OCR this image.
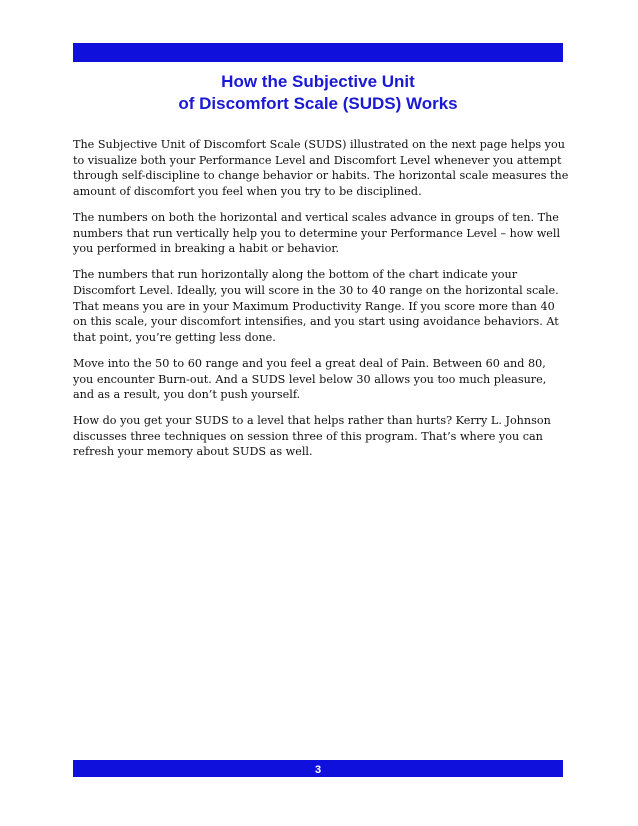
How the Subjective Unit
of Discomfort Scale (SUDS) Works

The Subjective Unit of Discomfort Scale (SUDS) illustrated on the next page helps you to visualize both your Performance Level and Discomfort Level whenever you attempt through self-discipline to change behavior or habits. The horizontal scale measures the amount of discomfort you feel when you try to be disciplined.

The numbers on both the horizontal and vertical scales advance in groups of ten. The numbers that run vertically help you to determine your Performance Level – how well you performed in breaking a habit or behavior.

The numbers that run horizontally along the bottom of the chart indicate your Discomfort Level. Ideally, you will score in the 30 to 40 range on the horizontal scale. That means you are in your Maximum Productivity Range. If you score more than 40 on this scale, your discomfort intensifies, and you start using avoidance behaviors. At that point, you’re getting less done.

Move into the 50 to 60 range and you feel a great deal of Pain. Between 60 and 80, you encounter Burn-out. And a SUDS level below 30 allows you too much pleasure, and as a result, you don’t push yourself.

How do you get your SUDS to a level that helps rather than hurts? Kerry L. Johnson discusses three techniques on session three of this program. That’s where you can refresh your memory about SUDS as well.

3
